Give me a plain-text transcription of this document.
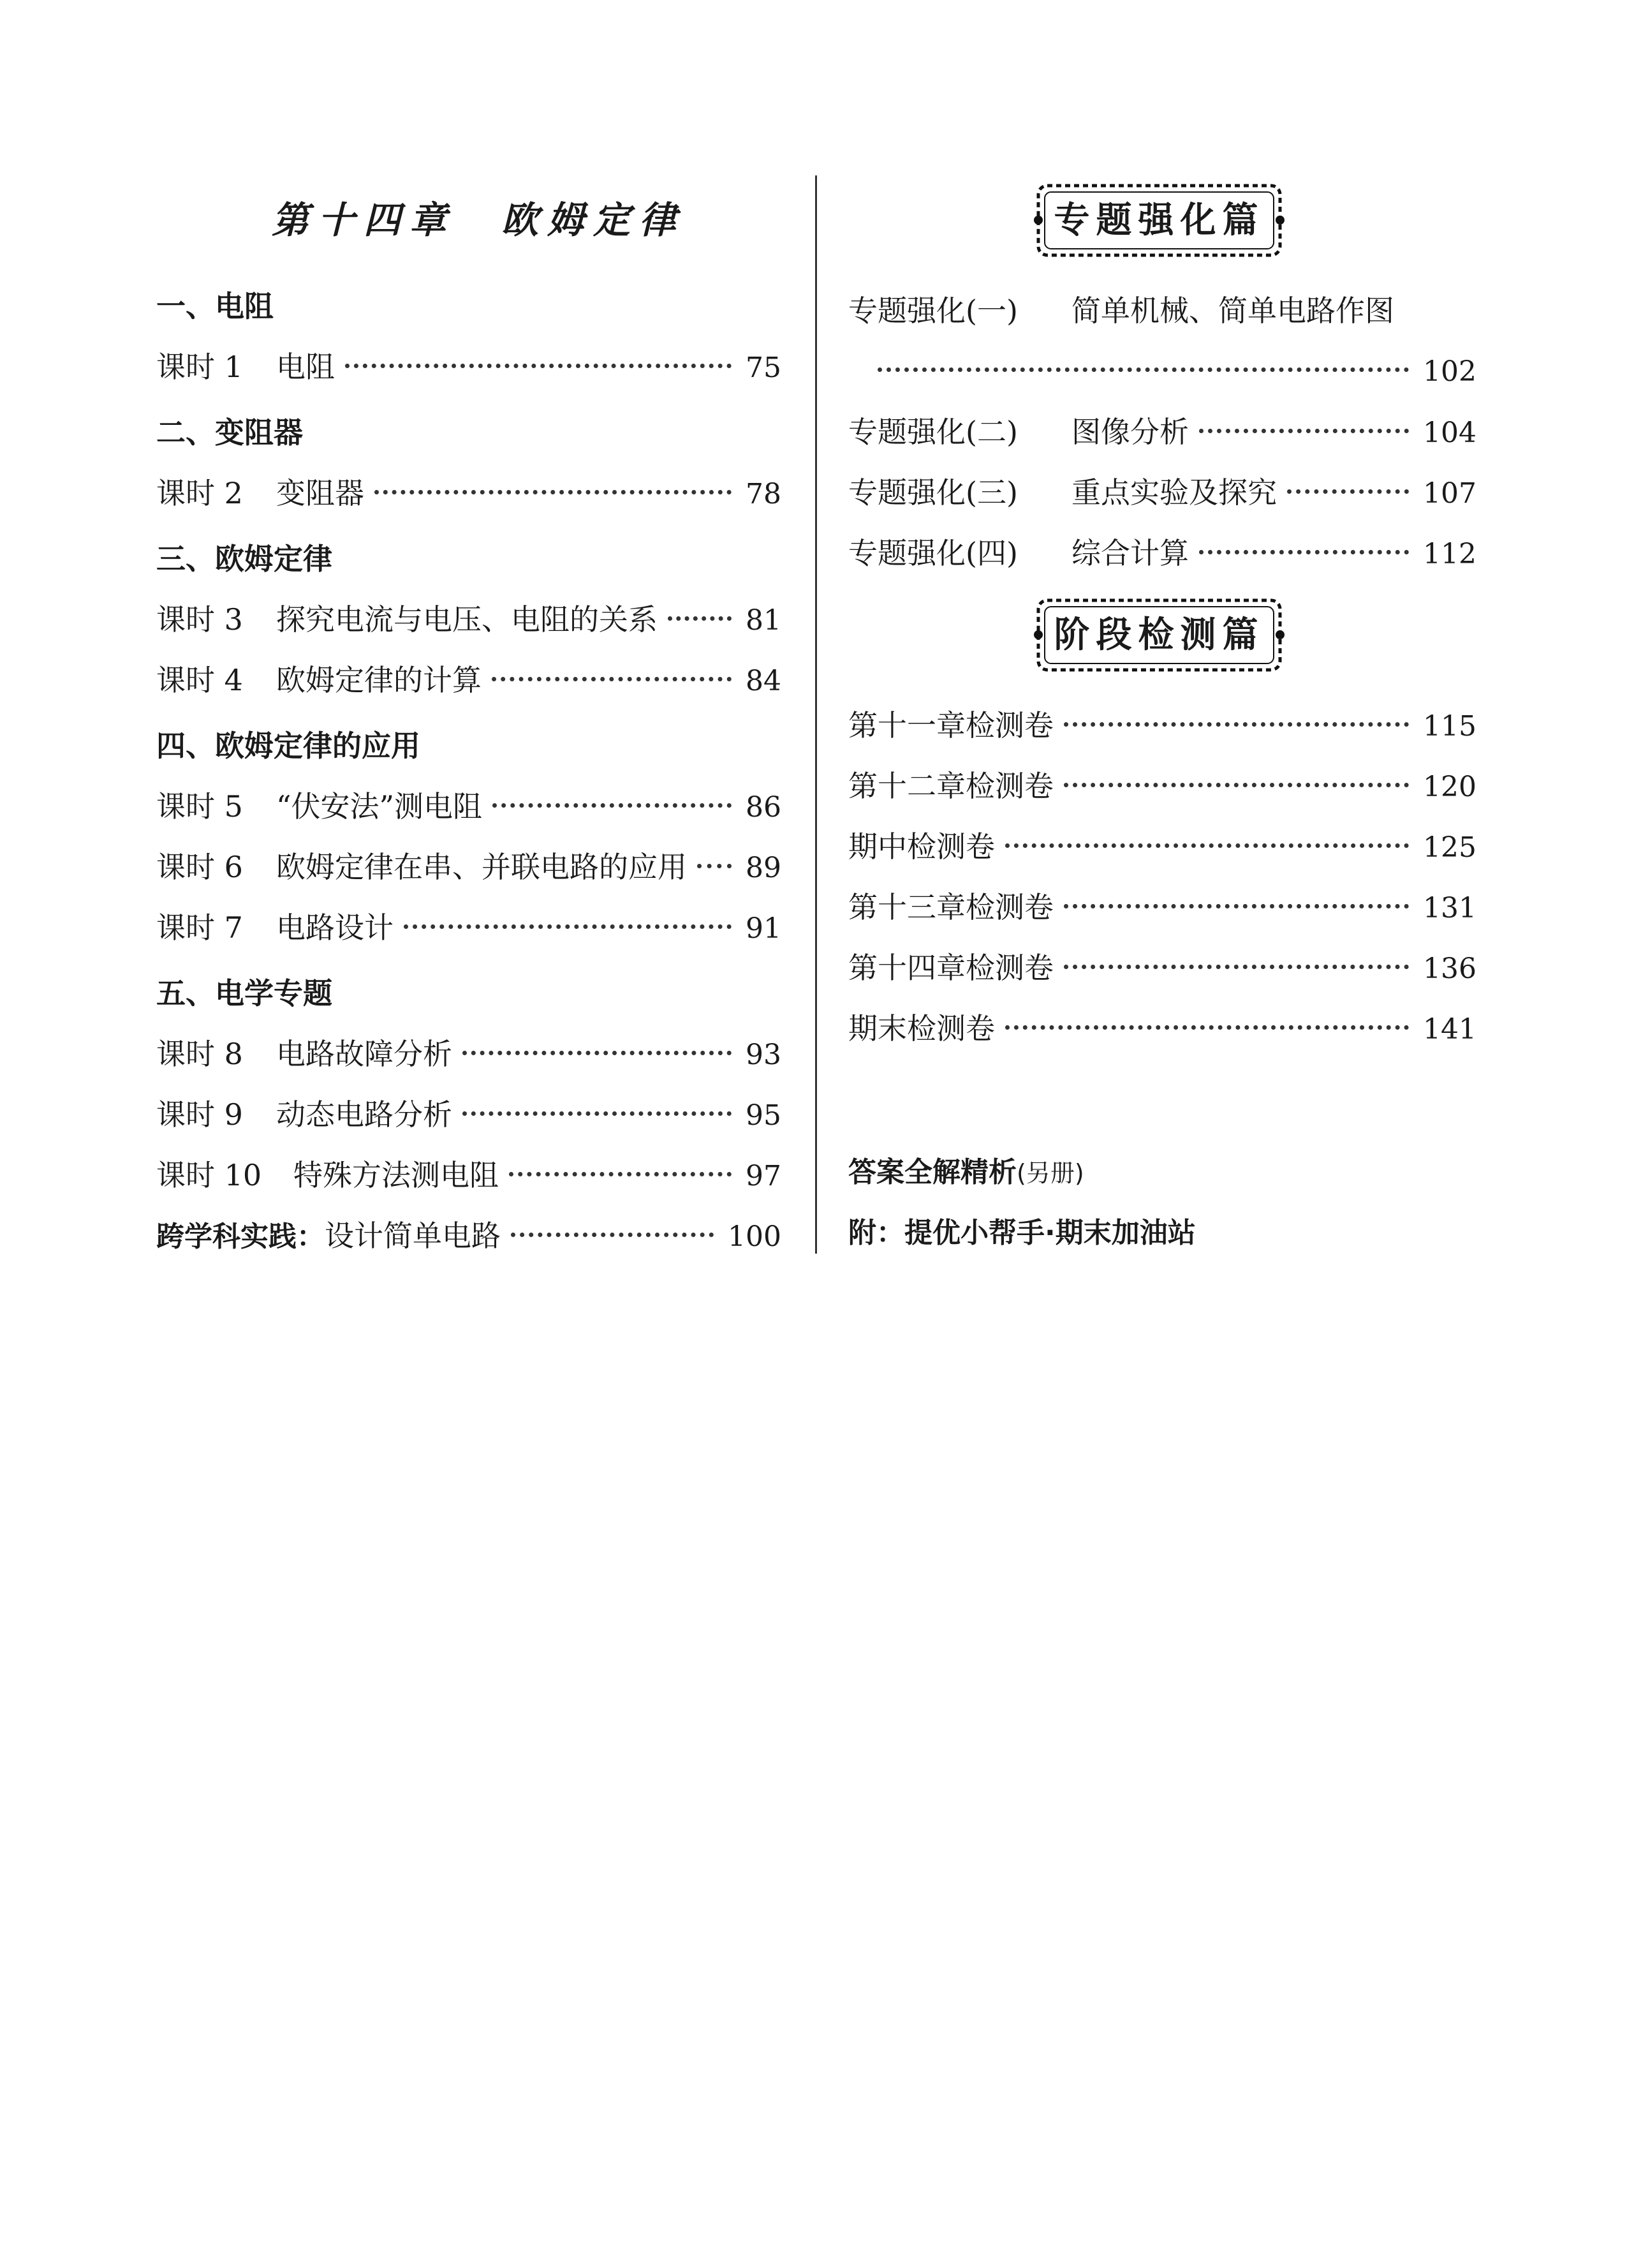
第十四章　欧姆定律
一、电阻
课时 1	电阻	75
二、变阻器
课时 2	变阻器	78
三、欧姆定律
课时 3	探究电流与电压、电阻的关系	81
课时 4	欧姆定律的计算	84
四、欧姆定律的应用
课时 5	“伏安法”测电阻	86
课时 6	欧姆定律在串、并联电路的应用 89
课时 7	电路设计	91
五、电学专题
课时 8	电路故障分析	93
课时 9	动态电路分析	95
课时 10	特殊方法测电阻	97
跨学科实践： 设计简单电路	100
专题强化篇
专题强化(一)	简单机械、简单电路作图
102
专题强化(二)	图像分析	104
专题强化(三)	重点实验及探究	107
专题强化(四)	综合计算	112
阶段检测篇
第十一章检测卷	115
第十二章检测卷	120
期中检测卷	125
第十三章检测卷	131
第十四章检测卷	136
期末检测卷	141
答案全解精析(另册)
附：提优小帮手·期末加油站
